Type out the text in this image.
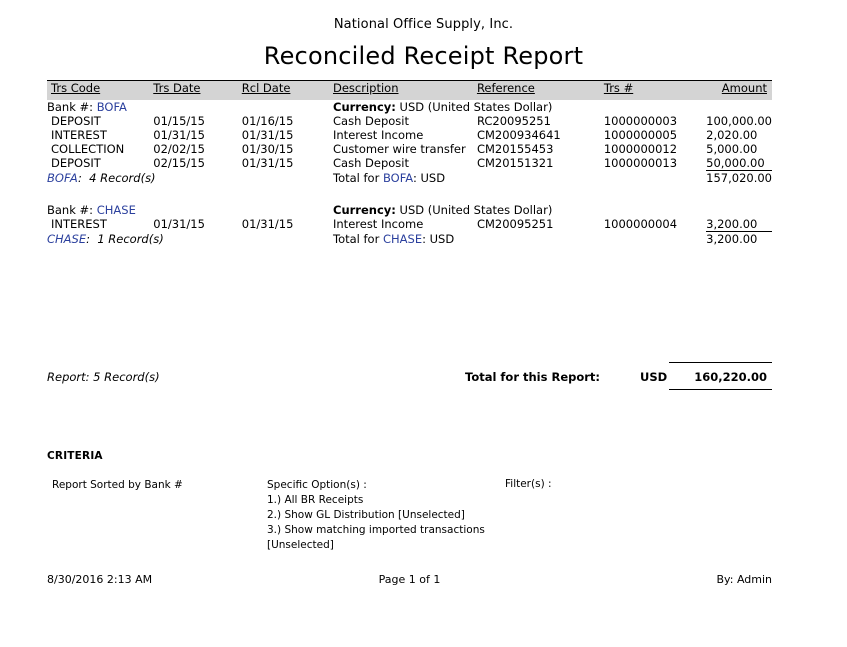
National Office Supply, Inc.
Reconciled Receipt Report
Trs Code	Trs Date	Rcl Date	Description	Reference	Trs #	Amount
Bank #: BOFA			Currency: USD (United States Dollar)			
DEPOSIT	01/15/15	01/16/15	Cash Deposit	RC20095251	1000000003	100,000.00
INTEREST	01/31/15	01/31/15	Interest Income	CM200934641	1000000005	2,020.00
COLLECTION	02/02/15	01/30/15	Customer wire transfer	CM20155453	1000000012	5,000.00
DEPOSIT	02/15/15	01/31/15	Cash Deposit	CM20151321	1000000013	50,000.00
BOFA:  4 Record(s)			Total for BOFA: USD			157,020.00

Bank #: CHASE			Currency: USD (United States Dollar)			
INTEREST	01/31/15	01/31/15	Interest Income	CM20095251	1000000004	3,200.00
CHASE:  1 Record(s)			Total for CHASE: USD			3,200.00
Report: 5 Record(s)	Total for this Report:	USD 160,220.00
CRITERIA
Report Sorted by Bank #	Specific Option(s) :
1.) All BR Receipts
2.) Show GL Distribution [Unselected]
3.) Show matching imported transactions [Unselected]
Filter(s) :
8/30/2016 2:13 AM	Page 1 of 1	By: Admin
